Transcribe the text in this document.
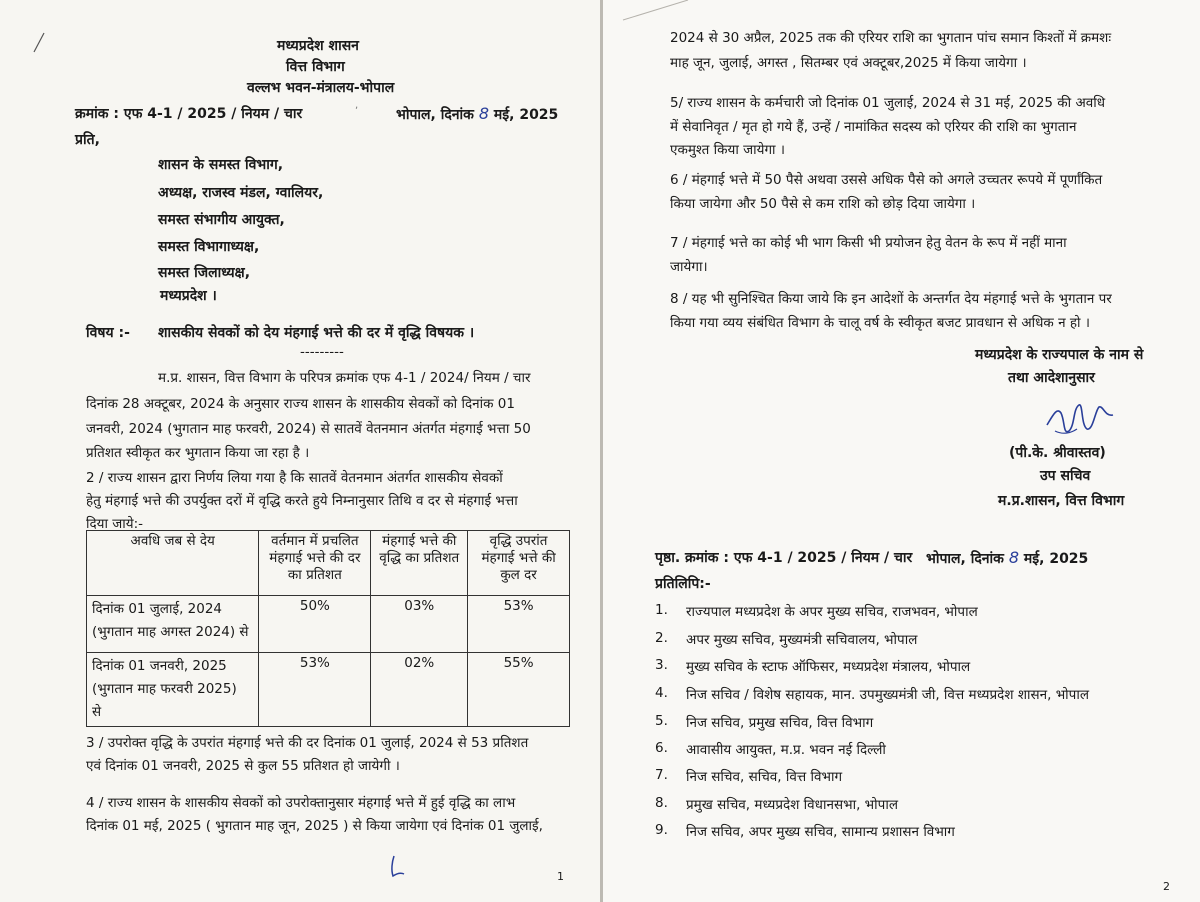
मध्यप्रदेश शासन
वित्त विभाग
वल्लभ भवन-मंत्रालय-भोपाल
क्रमांक : एफ 4-1 / 2025 / नियम / चार
,
भोपाल, दिनांक 8 मई, 2025
प्रति,
शासन के समस्त विभाग,
अध्यक्ष, राजस्व मंडल, ग्वालियर,
समस्त संभागीय आयुक्त,
समस्त विभागाध्यक्ष,
समस्त जिलाध्यक्ष,
मध्यप्रदेश ।
विषय :- शासकीय सेवकों को देय मंहगाई भत्ते की दर में वृद्धि विषयक ।
---------
म.प्र. शासन, वित्त विभाग के परिपत्र क्रमांक एफ 4-1 / 2024/ नियम / चार
दिनांक 28 अक्टूबर, 2024 के अनुसार राज्य शासन के शासकीय सेवकों को दिनांक 01
जनवरी, 2024 (भुगतान माह फरवरी, 2024) से सातवें वेतनमान अंतर्गत मंहगाई भत्ता 50
प्रतिशत स्वीकृत कर भुगतान किया जा रहा है ।
2 / राज्य शासन द्वारा निर्णय लिया गया है कि सातवें वेतनमान अंतर्गत शासकीय सेवकों
हेतु मंहगाई भत्ते की उपर्युक्त दरों में वृद्धि करते हुये निम्नानुसार तिथि व दर से मंहगाई भत्ता
दिया जाये:-
अवधि जब से देय	वर्तमान में प्रचलित मंहगाई भत्ते की दर का प्रतिशत	मंहगाई भत्ते की वृद्धि का प्रतिशत	वृद्धि उपरांत मंहगाई भत्ते की कुल दर

दिनांक 01 जुलाई, 2024
(भुगतान माह अगस्त 2024) से	50%	03%	53%

दिनांक 01 जनवरी, 2025
(भुगतान माह फरवरी 2025)
से	53%	02%	55%
3 / उपरोक्त वृद्धि के उपरांत मंहगाई भत्ते की दर दिनांक 01 जुलाई, 2024 से 53 प्रतिशत
एवं दिनांक 01 जनवरी, 2025 से कुल 55 प्रतिशत हो जायेगी ।
4 / राज्य शासन के शासकीय सेवकों को उपरोक्तानुसार मंहगाई भत्ते में हुई वृद्धि का लाभ
दिनांक 01 मई, 2025 ( भुगतान माह जून, 2025 ) से किया जायेगा एवं दिनांक 01 जुलाई,
1
2024 से 30 अप्रैल, 2025 तक की एरियर राशि का भुगतान पांच समान किश्तों में क्रमशः
माह जून, जुलाई, अगस्त , सितम्बर एवं अक्टूबर,2025 में किया जायेगा ।
5/ राज्य शासन के कर्मचारी जो दिनांक 01 जुलाई, 2024 से 31 मई, 2025 की अवधि
में सेवानिवृत / मृत हो गये हैं, उन्हें / नामांकित सदस्य को एरियर की राशि का भुगतान
एकमुश्त किया जायेगा ।
6 / मंहगाई भत्ते में 50 पैसे अथवा उससे अधिक पैसे को अगले उच्चतर रूपये में पूर्णांकित
किया जायेगा और 50 पैसे से कम राशि को छोड़ दिया जायेगा ।
7 / मंहगाई भत्ते का कोई भी भाग किसी भी प्रयोजन हेतु वेतन के रूप में नहीं माना
जायेगा।
8 / यह भी सुनिश्चित किया जाये कि इन आदेशों के अन्तर्गत देय मंहगाई भत्ते के भुगतान पर
किया गया व्यय संबंधित विभाग के चालू वर्ष के स्वीकृत बजट प्रावधान से अधिक न हो ।
मध्यप्रदेश के राज्यपाल के नाम से
तथा आदेशानुसार
(पी.के. श्रीवास्तव)
उप सचिव
म.प्र.शासन, वित्त विभाग
पृष्ठा. क्रमांक : एफ 4-1 / 2025 / नियम / चार भोपाल, दिनांक 8 मई, 2025
प्रतिलिपि:-
1. राज्यपाल मध्यप्रदेश के अपर मुख्य सचिव, राजभवन, भोपाल
2. अपर मुख्य सचिव, मुख्यमंत्री सचिवालय, भोपाल
3. मुख्य सचिव के स्टाफ ऑफिसर, मध्यप्रदेश मंत्रालय, भोपाल
4. निज सचिव / विशेष सहायक, मान. उपमुख्यमंत्री जी, वित्त मध्यप्रदेश शासन, भोपाल
5. निज सचिव, प्रमुख सचिव, वित्त विभाग
6. आवासीय आयुक्त, म.प्र. भवन नई दिल्ली
7. निज सचिव, सचिव, वित्त विभाग
8. प्रमुख सचिव, मध्यप्रदेश विधानसभा, भोपाल
9. निज सचिव, अपर मुख्य सचिव, सामान्य प्रशासन विभाग
2
